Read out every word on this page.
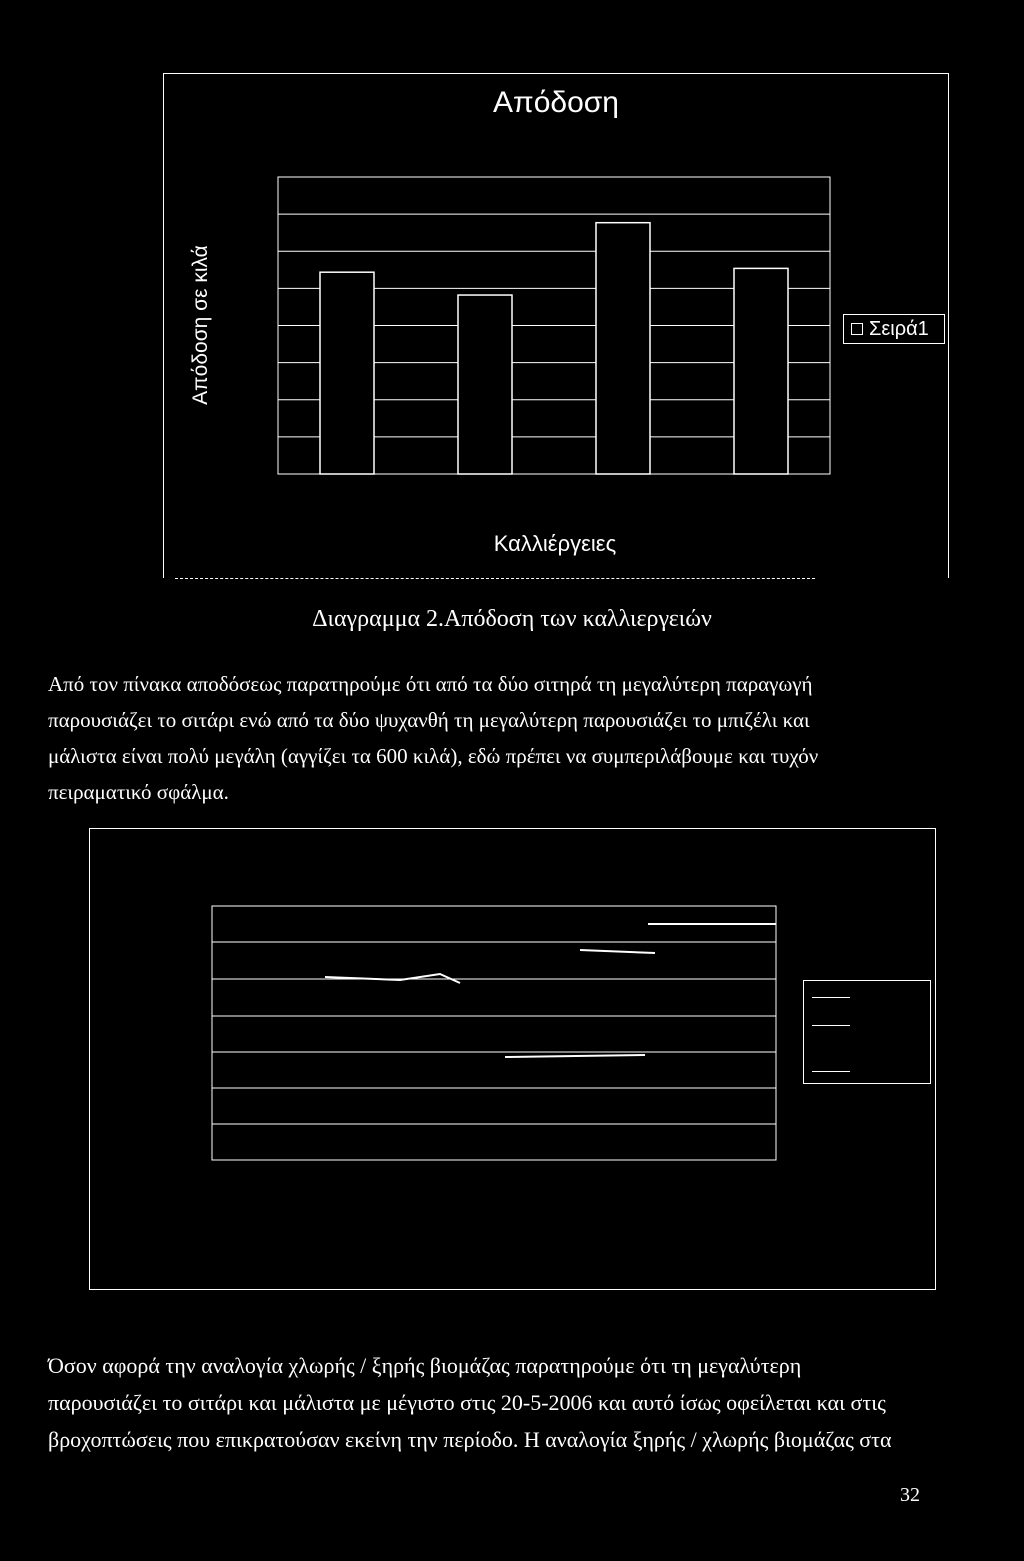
Απόδοση
Απόδοση σε κιλά
Καλλιέργειες
Σειρά1
Διαγραμμα 2.Απόδοση των καλλιεργειών
Από τον πίνακα αποδόσεως παρατηρούμε ότι από τα δύο σιτηρά τη μεγαλύτερη παραγωγή
παρουσιάζει το σιτάρι ενώ από τα δύο ψυχανθή τη μεγαλύτερη παρουσιάζει το μπιζέλι και
μάλιστα είναι πολύ μεγάλη (αγγίζει τα 600 κιλά), εδώ πρέπει να συμπεριλάβουμε και τυχόν
πειραματικό σφάλμα.
Όσον αφορά την αναλογία χλωρής / ξηρής βιομάζας παρατηρούμε ότι τη μεγαλύτερη
παρουσιάζει το σιτάρι και μάλιστα με μέγιστο στις 20-5-2006 και αυτό ίσως οφείλεται και στις
βροχοπτώσεις που επικρατούσαν εκείνη την περίοδο. Η αναλογία ξηρής / χλωρής βιομάζας στα
32
